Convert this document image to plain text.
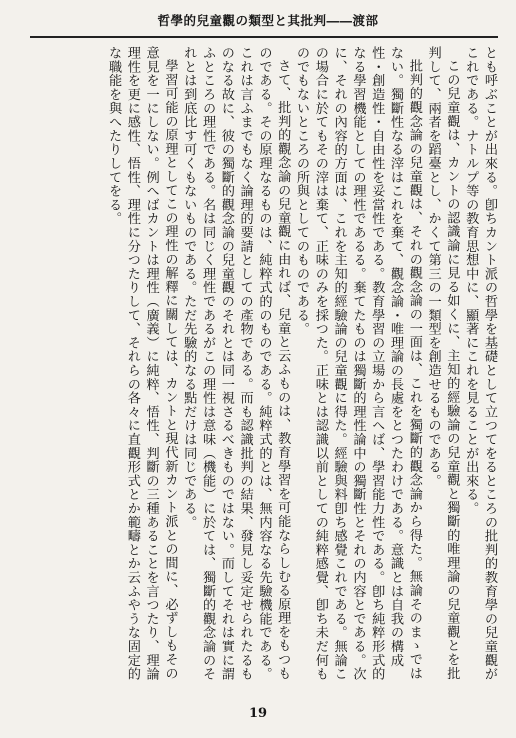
哲學的兒童觀の類型と其批判――渡部

とも呼ぶことが出來る。卽ちカント派の哲學を基礎として立つてをるところの批判的教育學の兒童觀がこれである。ナトルプ等の教育思想中に、顯著にこれを見ることが出來る。

この兒童觀は、カントの認識論に見る如くに、主知的經驗論の兒童觀と獨斷的唯理論の兒童觀とを批判して、兩者を蹈臺とし、かくて第三の一類型を創造せるものである。

批判的觀念論の兒童觀は、それの觀念論の一面は、これを獨斷的觀念論から得た。無論そのまゝではない。獨斷性なる滓はこれを棄て、觀念論・唯理論の長處をとつたわけである。意識とは自我の構成性・創造性・自由性を妥當性である。教育學習の立場から言へば、學習能力性である。卽ち純粹形式的なる學習機能としての理性であるる。棄てたものは獨斷的理性論中の獨斷性とそれの内容とである。次に、それの內容的方面は、これを主知的經驗論の兒童觀に得た。經驗與料卽ち感覺これである。無論この場合に於てもその滓は棄て、正味のみを採つた。正味とは認識以前としての純粹感覺、卽ち未だ何ものでもないところの所與としてのものである。

さて、批判的觀念論の兒童觀に由れば、兒童と云ふものは、教育學習を可能ならしむる原理をもつものである。その原理なるものは、純粹式的のものである。純粹式的とは、無内容なる先驗機能である。これは言ふまでもなく論理的要請としての產物である。而も認識批判の結果、發見し妥定せられたるものなる故に、彼の獨斷的觀念論の兒童觀のそれとは同一視さるべきものではない。而してそれは實に謂ふところの理性である。名は同じく理性であるがこの理性は意味（機能）に於ては、獨斷的觀念論のそれとは到底比す可くもないものである。ただ先驗的なる點だけは同じである。

學習可能の原理としてこの理性の解釋に關しては、カントと現代新カント派との間に、必ずしもその意見を一にしない。例へばカントは理性（廣義）に純粹、悟性、判斷の三種あることを言つたり、理論理性を更に感性、悟性、理性に分つたりして、それらの各々に直觀形式とか範疇とか云ふやうな固定的な職能を與へたりしてをる。

19
